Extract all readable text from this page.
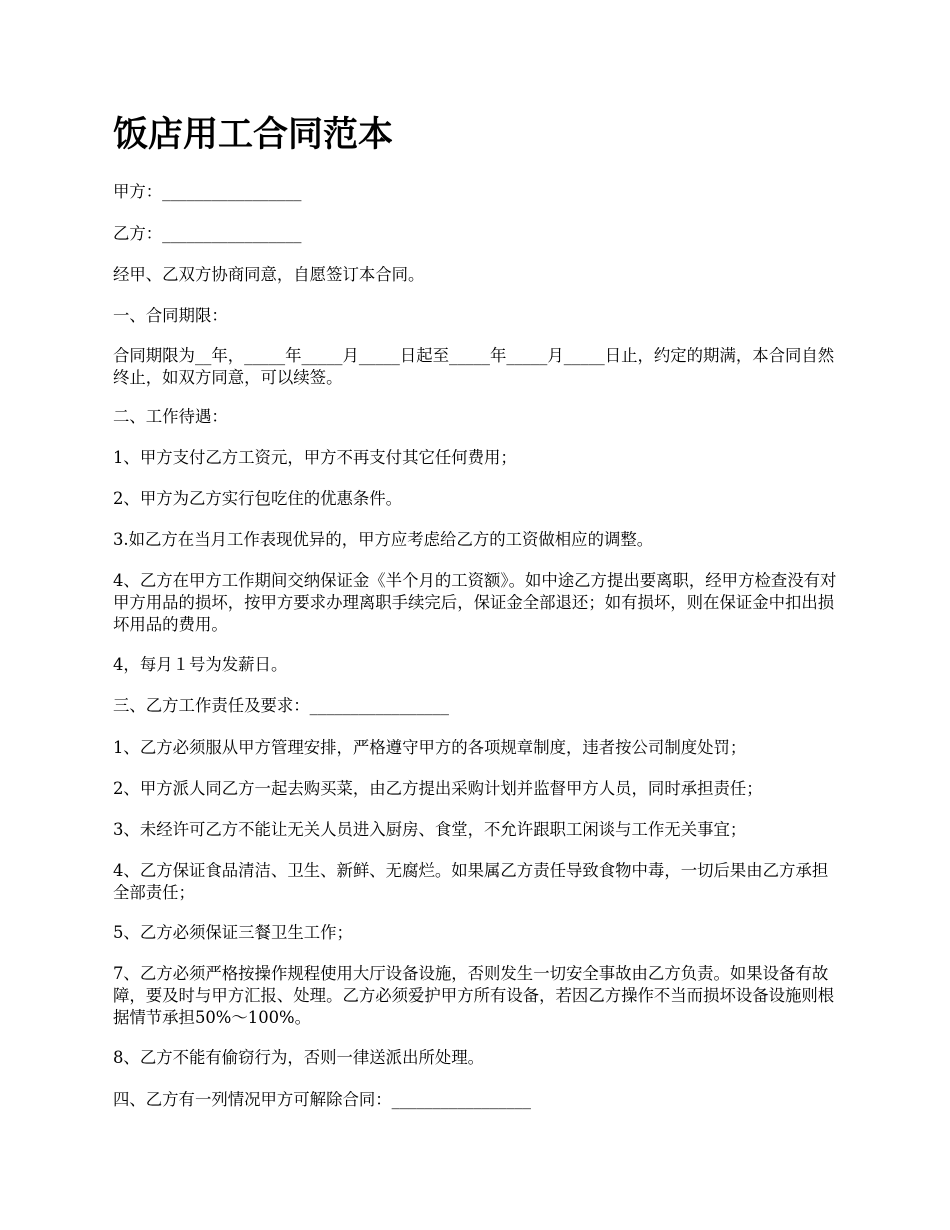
饭店用工合同范本

甲方：_________________

乙方：_________________

经甲、乙双方协商同意，自愿签订本合同。

一、合同期限：

合同期限为__年，_____年_____月_____日起至_____年_____月_____日止，约定的期满，本合同自然终止，如双方同意，可以续签。

二、工作待遇：

1、甲方支付乙方工资元，甲方不再支付其它任何费用；

2、甲方为乙方实行包吃住的优惠条件。

3.如乙方在当月工作表现优异的，甲方应考虑给乙方的工资做相应的调整。

4、乙方在甲方工作期间交纳保证金《半个月的工资额》。如中途乙方提出要离职，经甲方检查没有对甲方用品的损坏，按甲方要求办理离职手续完后，保证金全部退还；如有损坏，则在保证金中扣出损坏用品的费用。

4，每月１号为发薪日。

三、乙方工作责任及要求：_________________

1、乙方必须服从甲方管理安排，严格遵守甲方的各项规章制度，违者按公司制度处罚；

2、甲方派人同乙方一起去购买菜，由乙方提出采购计划并监督甲方人员，同时承担责任；

3、未经许可乙方不能让无关人员进入厨房、食堂，不允许跟职工闲谈与工作无关事宜；

4、乙方保证食品清洁、卫生、新鲜、无腐烂。如果属乙方责任导致食物中毒，一切后果由乙方承担全部责任；

5、乙方必须保证三餐卫生工作；

7、乙方必须严格按操作规程使用大厅设备设施，否则发生一切安全事故由乙方负责。如果设备有故障，要及时与甲方汇报、处理。乙方必须爱护甲方所有设备，若因乙方操作不当而损坏设备设施则根据情节承担50%～100%。

8、乙方不能有偷窃行为，否则一律送派出所处理。

四、乙方有一列情况甲方可解除合同：_________________
